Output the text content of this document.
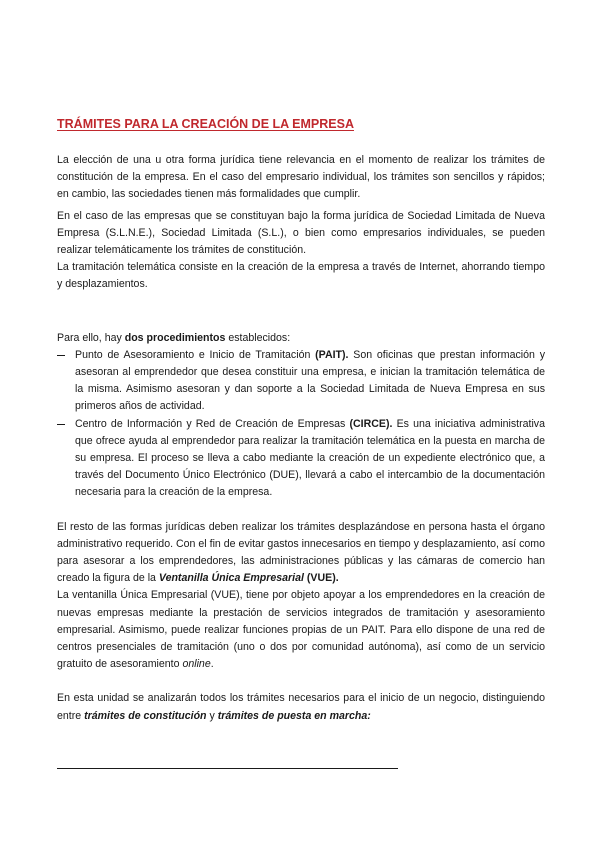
TRÁMITES PARA LA CREACIÓN DE LA EMPRESA

La elección de una u otra forma jurídica tiene relevancia en el momento de realizar los trámites de constitución de la empresa. En el caso del empresario individual, los trámites son sencillos y rápidos; en cambio, las sociedades tienen más formalidades que cumplir.

En el caso de las empresas que se constituyan bajo la forma jurídica de Sociedad Limitada de Nueva Empresa (S.L.N.E.), Sociedad Limitada (S.L.), o bien como empresarios individuales, se pueden realizar telemáticamente los trámites de constitución.

La tramitación telemática consiste en la creación de la empresa a través de Internet, ahorrando tiempo y desplazamientos.

Para ello, hay dos procedimientos establecidos:

Punto de Asesoramiento e Inicio de Tramitación (PAIT). Son oficinas que prestan información y asesoran al emprendedor que desea constituir una empresa, e inician la tramitación telemática de la misma. Asimismo asesoran y dan soporte a la Sociedad Limitada de Nueva Empresa en sus primeros años de actividad.
Centro de Información y Red de Creación de Empresas (CIRCE). Es una iniciativa administrativa que ofrece ayuda al emprendedor para realizar la tramitación telemática en la puesta en marcha de su empresa. El proceso se lleva a cabo mediante la creación de un expediente electrónico que, a través del Documento Único Electrónico (DUE), llevará a cabo el intercambio de la documentación necesaria para la creación de la empresa.

El resto de las formas jurídicas deben realizar los trámites desplazándose en persona hasta el órgano administrativo requerido. Con el fin de evitar gastos innecesarios en tiempo y desplazamiento, así como para asesorar a los emprendedores, las administraciones públicas y las cámaras de comercio han creado la figura de la Ventanilla Única Empresarial (VUE).

La ventanilla Única Empresarial (VUE), tiene por objeto apoyar a los emprendedores en la creación de nuevas empresas mediante la prestación de servicios integrados de tramitación y asesoramiento empresarial. Asimismo, puede realizar funciones propias de un PAIT. Para ello dispone de una red de centros presenciales de tramitación (uno o dos por comunidad autónoma), así como de un servicio gratuito de asesoramiento online.

En esta unidad se analizarán todos los trámites necesarios para el inicio de un negocio, distinguiendo entre trámites de constitución y trámites de puesta en marcha:
